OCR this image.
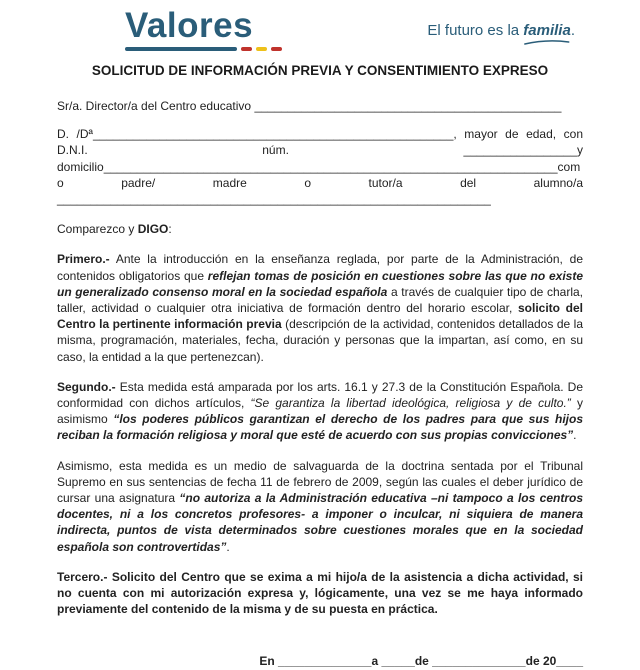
Valores	El futuro es la familia
.
SOLICITUD DE INFORMACIÓN PREVIA Y CONSENTIMIENTO EXPRESO

Sr/a. Director/a del Centro educativo ______________________________________________

D. /Dª______________________________________________________, mayor de edad, con D.N.I. núm. _________________y domicilio____________________________________________________________________como padre/ madre o tutor/a del alumno/a _________________________________________________________________

Comparezco y DIGO:

Primero.- Ante la introducción en la enseñanza reglada, por parte de la Administración, de contenidos obligatorios que reflejan tomas de posición en cuestiones sobre las que no existe un generalizado consenso moral en la sociedad española a través de cualquier tipo de charla, taller, actividad o cualquier otra iniciativa de formación dentro del horario escolar, solicito del Centro la pertinente información previa (descripción de la actividad, contenidos detallados de la misma, programación, materiales, fecha, duración y personas que la impartan, así como, en su caso, la entidad a la que pertenezcan).

Segundo.- Esta medida está amparada por los arts. 16.1 y 27.3 de la Constitución Española. De conformidad con dichos artículos, “Se garantiza la libertad ideológica, religiosa y de culto.” y asimismo “los poderes públicos garantizan el derecho de los padres para que sus hijos reciban la formación religiosa y moral que esté de acuerdo con sus propias convicciones”.

Asimismo, esta medida es un medio de salvaguarda de la doctrina sentada por el Tribunal Supremo en sus sentencias de fecha 11 de febrero de 2009, según las cuales el deber jurídico de cursar una asignatura “no autoriza a la Administración educativa –ni tampoco a los centros docentes, ni a los concretos profesores- a imponer o inculcar, ni siquiera de manera indirecta, puntos de vista determinados sobre cuestiones morales que en la sociedad española son controvertidas”.

Tercero.- Solicito del Centro que se exima a mi hijo/a de la asistencia a dicha actividad, si no cuenta con mi autorización expresa y, lógicamente, una vez se me haya informado previamente del contenido de la misma y de su puesta en práctica.

En ______________a _____de ______________de 20____
